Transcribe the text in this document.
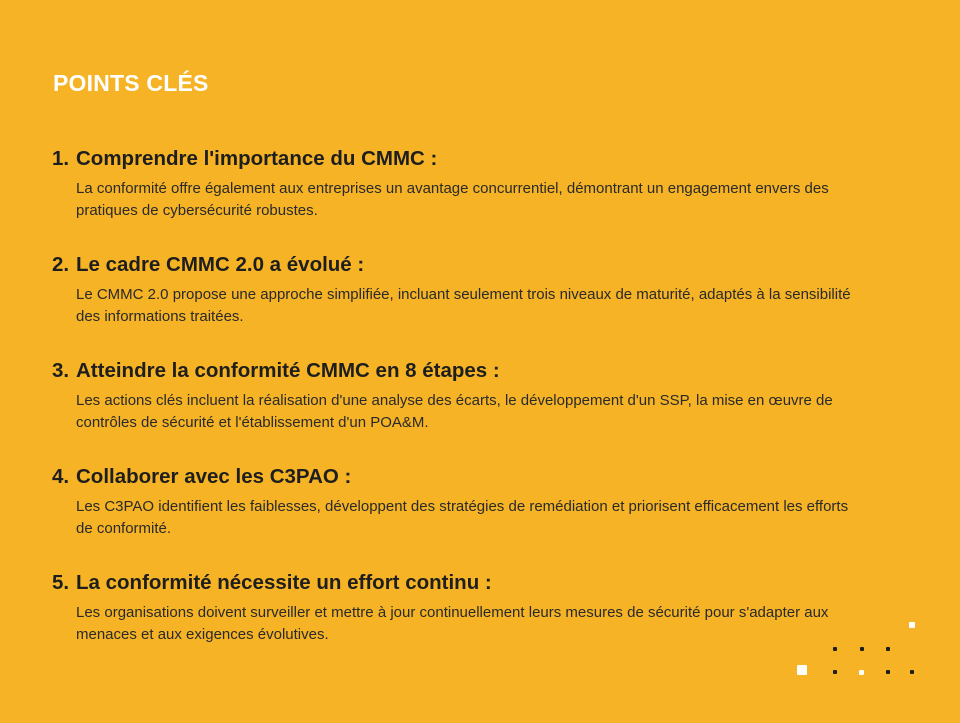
POINTS CLÉS
1. Comprendre l'importance du CMMC :
La conformité offre également aux entreprises un avantage concurrentiel, démontrant un engagement envers des pratiques de cybersécurité robustes.
2. Le cadre CMMC 2.0 a évolué :
Le CMMC 2.0 propose une approche simplifiée, incluant seulement trois niveaux de maturité, adaptés à la sensibilité des informations traitées.
3. Atteindre la conformité CMMC en 8 étapes :
Les actions clés incluent la réalisation d'une analyse des écarts, le développement d'un SSP, la mise en œuvre de contrôles de sécurité et l'établissement d'un POA&M.
4. Collaborer avec les C3PAO :
Les C3PAO identifient les faiblesses, développent des stratégies de remédiation et priorisent efficacement les efforts de conformité.
5. La conformité nécessite un effort continu :
Les organisations doivent surveiller et mettre à jour continuellement leurs mesures de sécurité pour s'adapter aux menaces et aux exigences évolutives.
